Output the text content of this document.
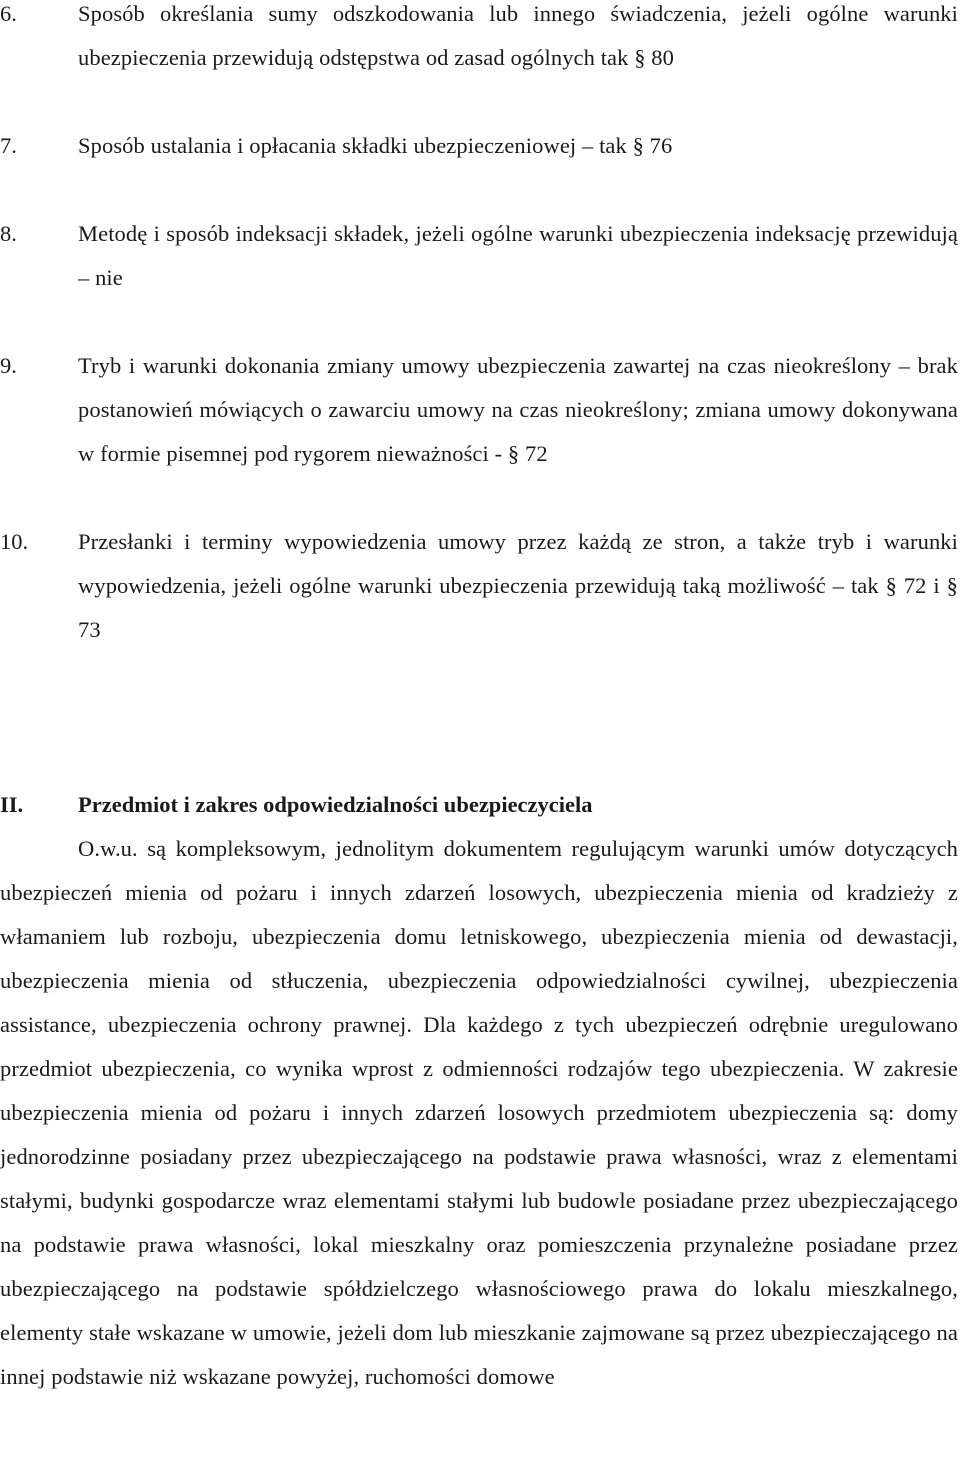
6.	Sposób określania sumy odszkodowania lub innego świadczenia, jeżeli ogólne warunki ubezpieczenia przewidują odstępstwa od zasad ogólnych tak § 80
7.	Sposób ustalania i opłacania składki ubezpieczeniowej – tak § 76
8.	Metodę i sposób indeksacji składek, jeżeli ogólne warunki ubezpieczenia indeksację przewidują – nie
9.	Tryb i warunki dokonania zmiany umowy ubezpieczenia zawartej na czas nieokreślony – brak postanowień mówiących o zawarciu umowy na czas nieokreślony; zmiana umowy dokonywana w formie pisemnej pod rygorem nieważności - § 72
10.	Przesłanki i terminy wypowiedzenia umowy przez każdą ze stron, a także tryb i warunki wypowiedzenia, jeżeli ogólne warunki ubezpieczenia przewidują taką możliwość – tak § 72 i § 73
II.	Przedmiot i zakres odpowiedzialności ubezpieczyciela

O.w.u. są kompleksowym, jednolitym dokumentem regulującym warunki umów dotyczących ubezpieczeń mienia od pożaru i innych zdarzeń losowych, ubezpieczenia mienia od kradzieży z włamaniem lub rozboju, ubezpieczenia domu letniskowego, ubezpieczenia mienia od dewastacji, ubezpieczenia mienia od stłuczenia, ubezpieczenia odpowiedzialności cywilnej, ubezpieczenia assistance, ubezpieczenia ochrony prawnej. Dla każdego z tych ubezpieczeń odrębnie uregulowano przedmiot ubezpieczenia, co wynika wprost z odmienności rodzajów tego ubezpieczenia. W zakresie ubezpieczenia mienia od pożaru i innych zdarzeń losowych przedmiotem ubezpieczenia są: domy jednorodzinne posiadany przez ubezpieczającego na podstawie prawa własności, wraz z elementami stałymi, budynki gospodarcze wraz elementami stałymi lub budowle posiadane przez ubezpieczającego na podstawie prawa własności, lokal mieszkalny oraz pomieszczenia przynależne posiadane przez ubezpieczającego na podstawie spółdzielczego własnościowego prawa do lokalu mieszkalnego, elementy stałe wskazane w umowie, jeżeli dom lub mieszkanie zajmowane są przez ubezpieczającego na innej podstawie niż wskazane powyżej, ruchomości domowe
